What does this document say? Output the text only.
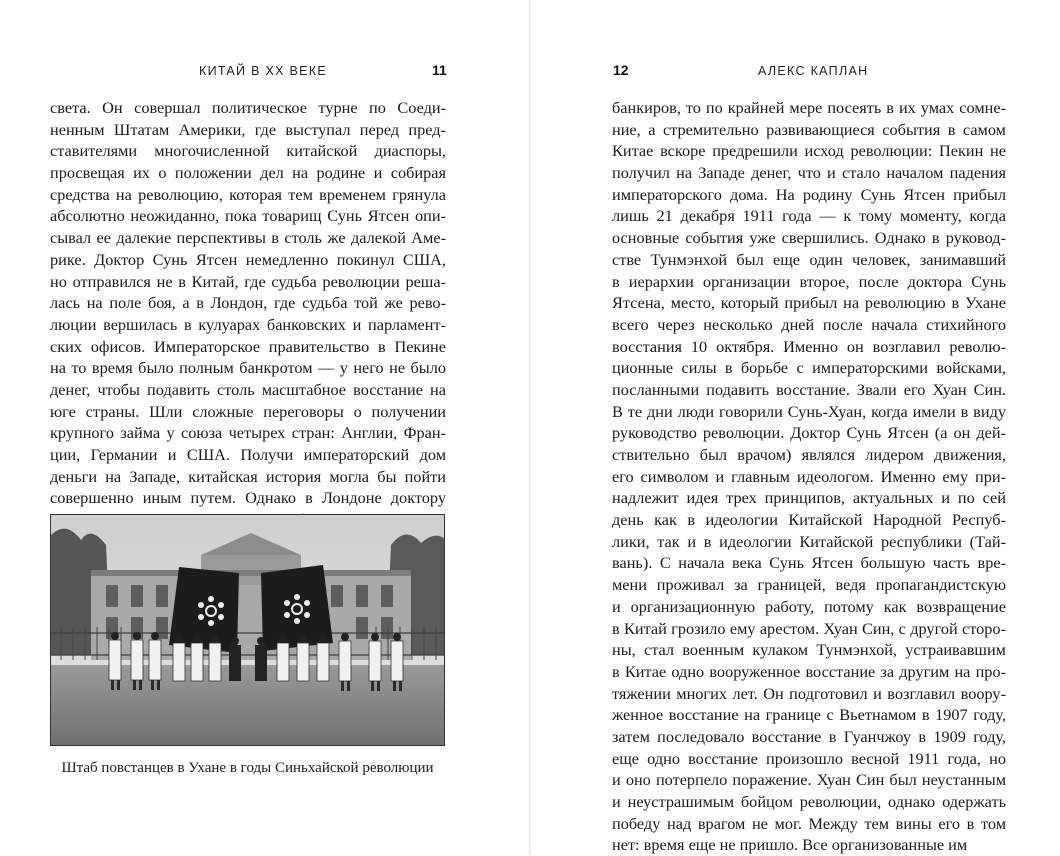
КИТАЙ В XX ВЕКЕ	11
света. Он совершал политическое турне по Соеди-
ненным Штатам Америки, где выступал перед пред-
ставителями многочисленной китайской диаспоры,
просвещая их о положении дел на родине и собирая
средства на революцию, которая тем временем грянула
абсолютно неожиданно, пока товарищ Сунь Ятсен опи-
сывал ее далекие перспективы в столь же далекой Аме-
рике. Доктор Сунь Ятсен немедленно покинул США,
но отправился не в Китай, где судьба революции реша-
лась на поле боя, а в Лондон, где судьба той же рево-
люции вершилась в кулуарах банковских и парламент-
ских офисов. Императорское правительство в Пекине
на то время было полным банкротом — у него не было
денег, чтобы подавить столь масштабное восстание на
юге страны. Шли сложные переговоры о получении
крупного займа у союза четырех стран: Англии, Фран-
ции, Германии и США. Получи императорский дом
деньги на Западе, китайская история могла бы пойти
совершенно иным путем. Однако в Лондоне доктору
Штаб повстанцев в Ухане в годы Синьхайской революции
12	АЛЕКС КАПЛАН
банкиров, то по крайней мере посеять в их умах сомне-
ние, а стремительно развивающиеся события в самом
Китае вскоре предрешили исход революции: Пекин не
получил на Западе денег, что и стало началом падения
императорского дома. На родину Сунь Ятсен прибыл
лишь 21 декабря 1911 года — к тому моменту, когда
основные события уже свершились. Однако в руковод-
стве Тунмэнхой был еще один человек, занимавший
в иерархии организации второе, после доктора Сунь
Ятсена, место, который прибыл на революцию в Ухане
всего через несколько дней после начала стихийного
восстания 10 октября. Именно он возглавил револю-
ционные силы в борьбе с императорскими войсками,
посланными подавить восстание. Звали его Хуан Син.
В те дни люди говорили Сунь-Хуан, когда имели в виду
руководство революции. Доктор Сунь Ятсен (а он дей-
ствительно был врачом) являлся лидером движения,
его символом и главным идеологом. Именно ему при-
надлежит идея трех принципов, актуальных и по сей
день как в идеологии Китайской Народной Респуб-
лики, так и в идеологии Китайской республики (Тай-
вань). С начала века Сунь Ятсен большую часть вре-
мени проживал за границей, ведя пропагандистскую
и организационную работу, потому как возвращение
в Китай грозило ему арестом. Хуан Син, с другой сторо-
ны, стал военным кулаком Тунмэнхой, устраивавшим
в Китае одно вооруженное восстание за другим на про-
тяжении многих лет. Он подготовил и возглавил воору-
женное восстание на границе с Вьетнамом в 1907 году,
затем последовало восстание в Гуанчжоу в 1909 году,
еще одно восстание произошло весной 1911 года, но
и оно потерпело поражение. Хуан Син был неустанным
и неустрашимым бойцом революции, однако одержать
победу над врагом не мог. Между тем вины его в том
нет: время еще не пришло. Все организованные им
